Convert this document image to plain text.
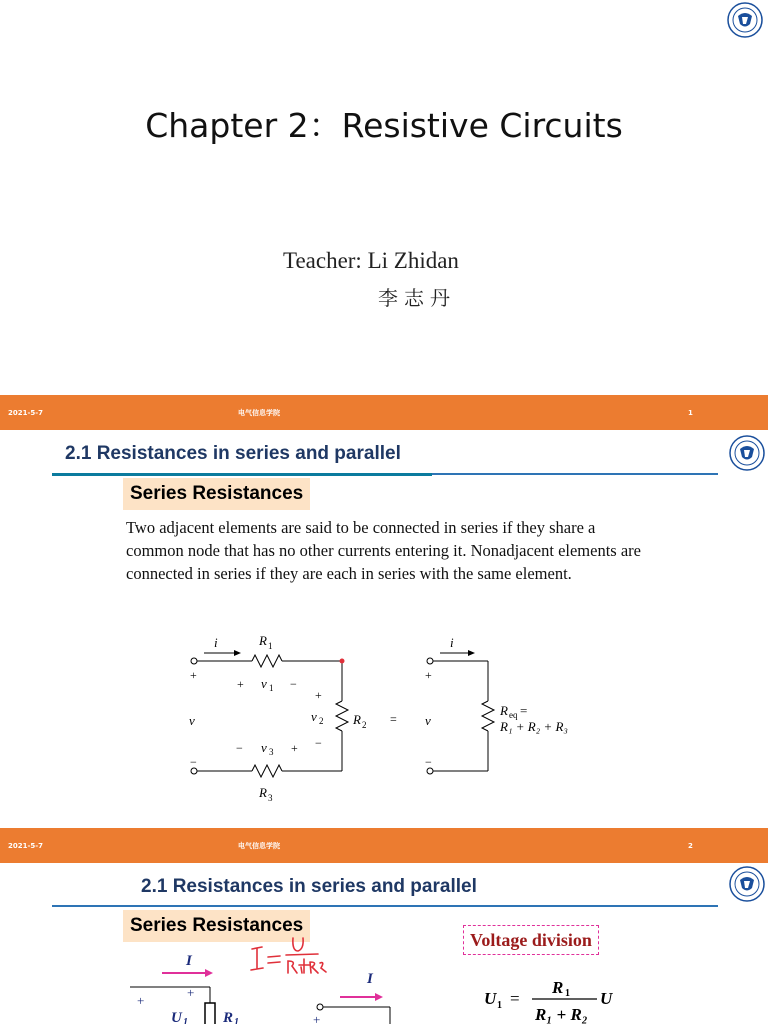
Chapter 2：Resistive Circuits
Teacher: Li Zhidan
李志丹
2021-5-7	电气信息学院	1
2.1 Resistances in series and parallel
Series Resistances
Two adjacent elements are said to be connected in series if they share a common node that has no other currents entering it. Nonadjacent elements are connected in series if they are each in series with the same element.
i	R 1
v
v 1
v 2 R 2
v 3
R 3
v
i
R eq =
R₁ + R₂ + R₃
+
−
+	−
+
−
−	+
=
+
−
2021-5-7	电气信息学院	2
2.1 Resistances in series and parallel
Series Resistances
Voltage division
I
I
U 1 R 1
+
+
+
U 1 =
R 1
R₁ + R₂
U
